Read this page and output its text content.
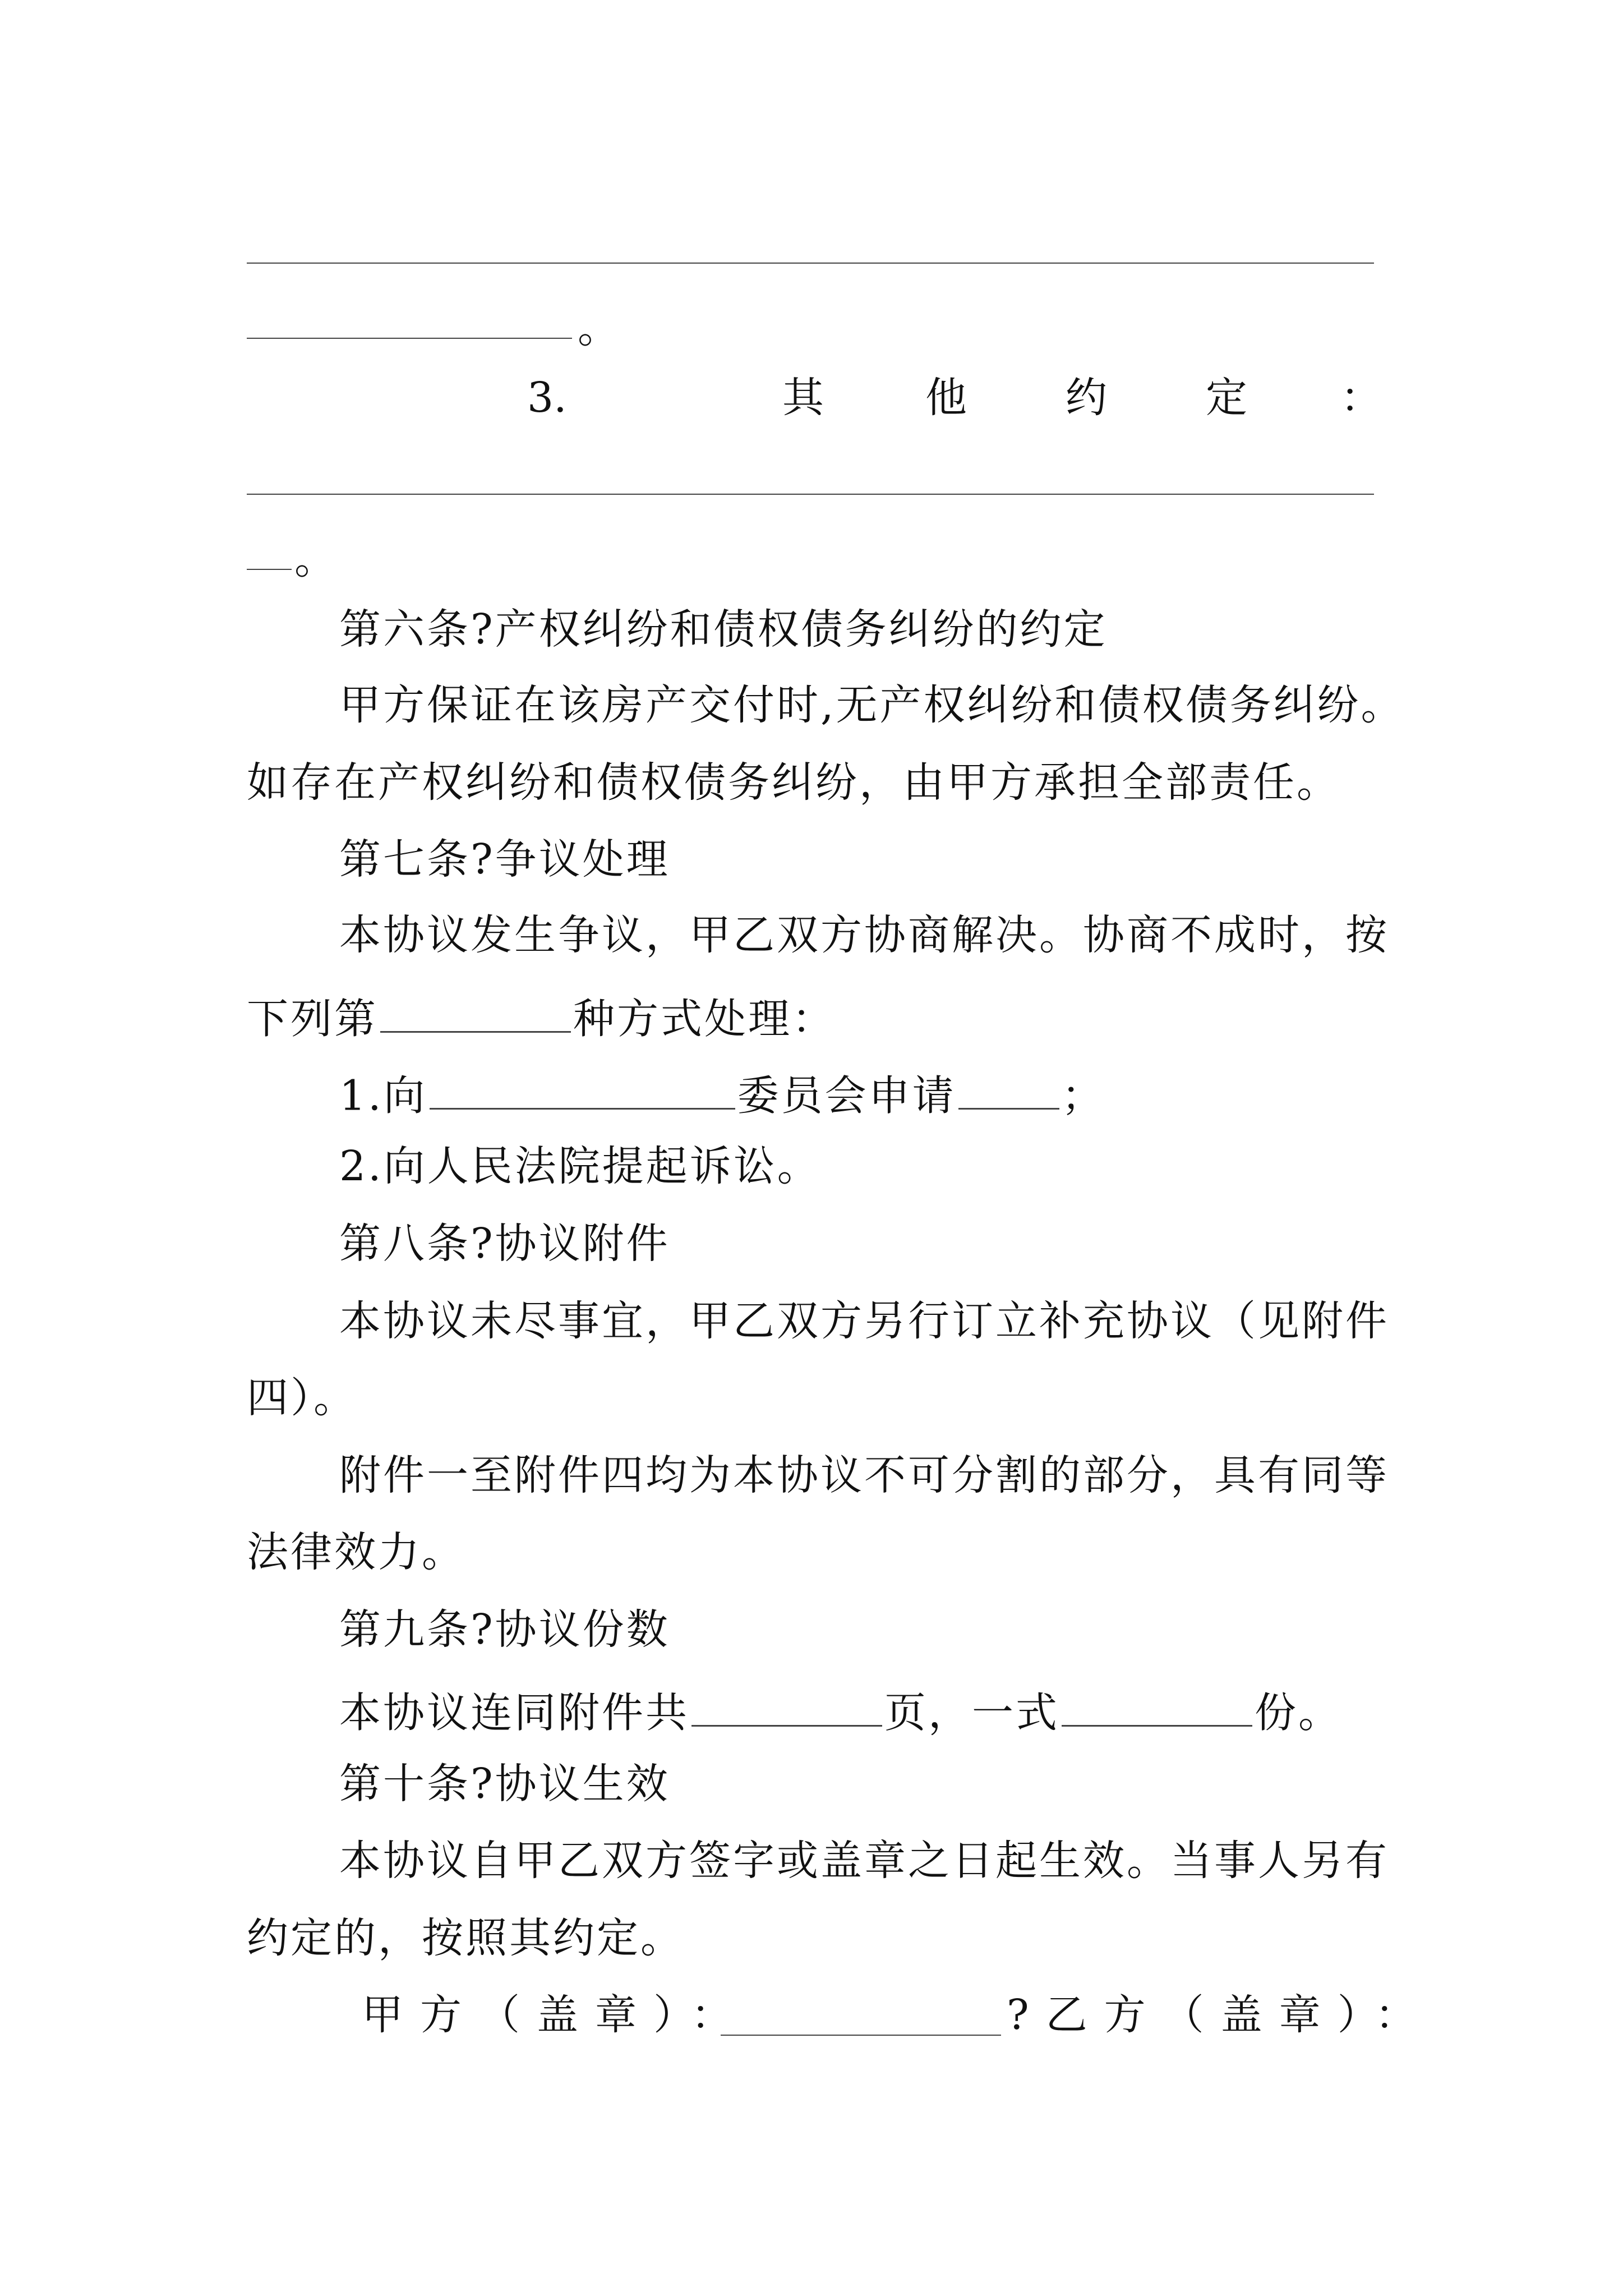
。
3.	其 他 约 定 ：
。
第六条?产权纠纷和债权债务纠纷的约定
甲方保证在该房产交付时,无产权纠纷和债权债务纠纷。
如存在产权纠纷和债权债务纠纷，由甲方承担全部责任。
第七条?争议处理
本协议发生争议，甲乙双方协商解决。协商不成时，按
下列第	种方式处理：
1.向	委员会申请	；
2.向人民法院提起诉讼。
第八条?协议附件
本协议未尽事宜，甲乙双方另行订立补充协议（见附件
四）。
附件一至附件四均为本协议不可分割的部分，具有同等
法律效力。
第九条?协议份数
本协议连同附件共	页，一式	份。
第十条?协议生效
本协议自甲乙双方签字或盖章之日起生效。当事人另有
约定的，按照其约定。
甲方（盖章）：	?乙方（盖章）：
